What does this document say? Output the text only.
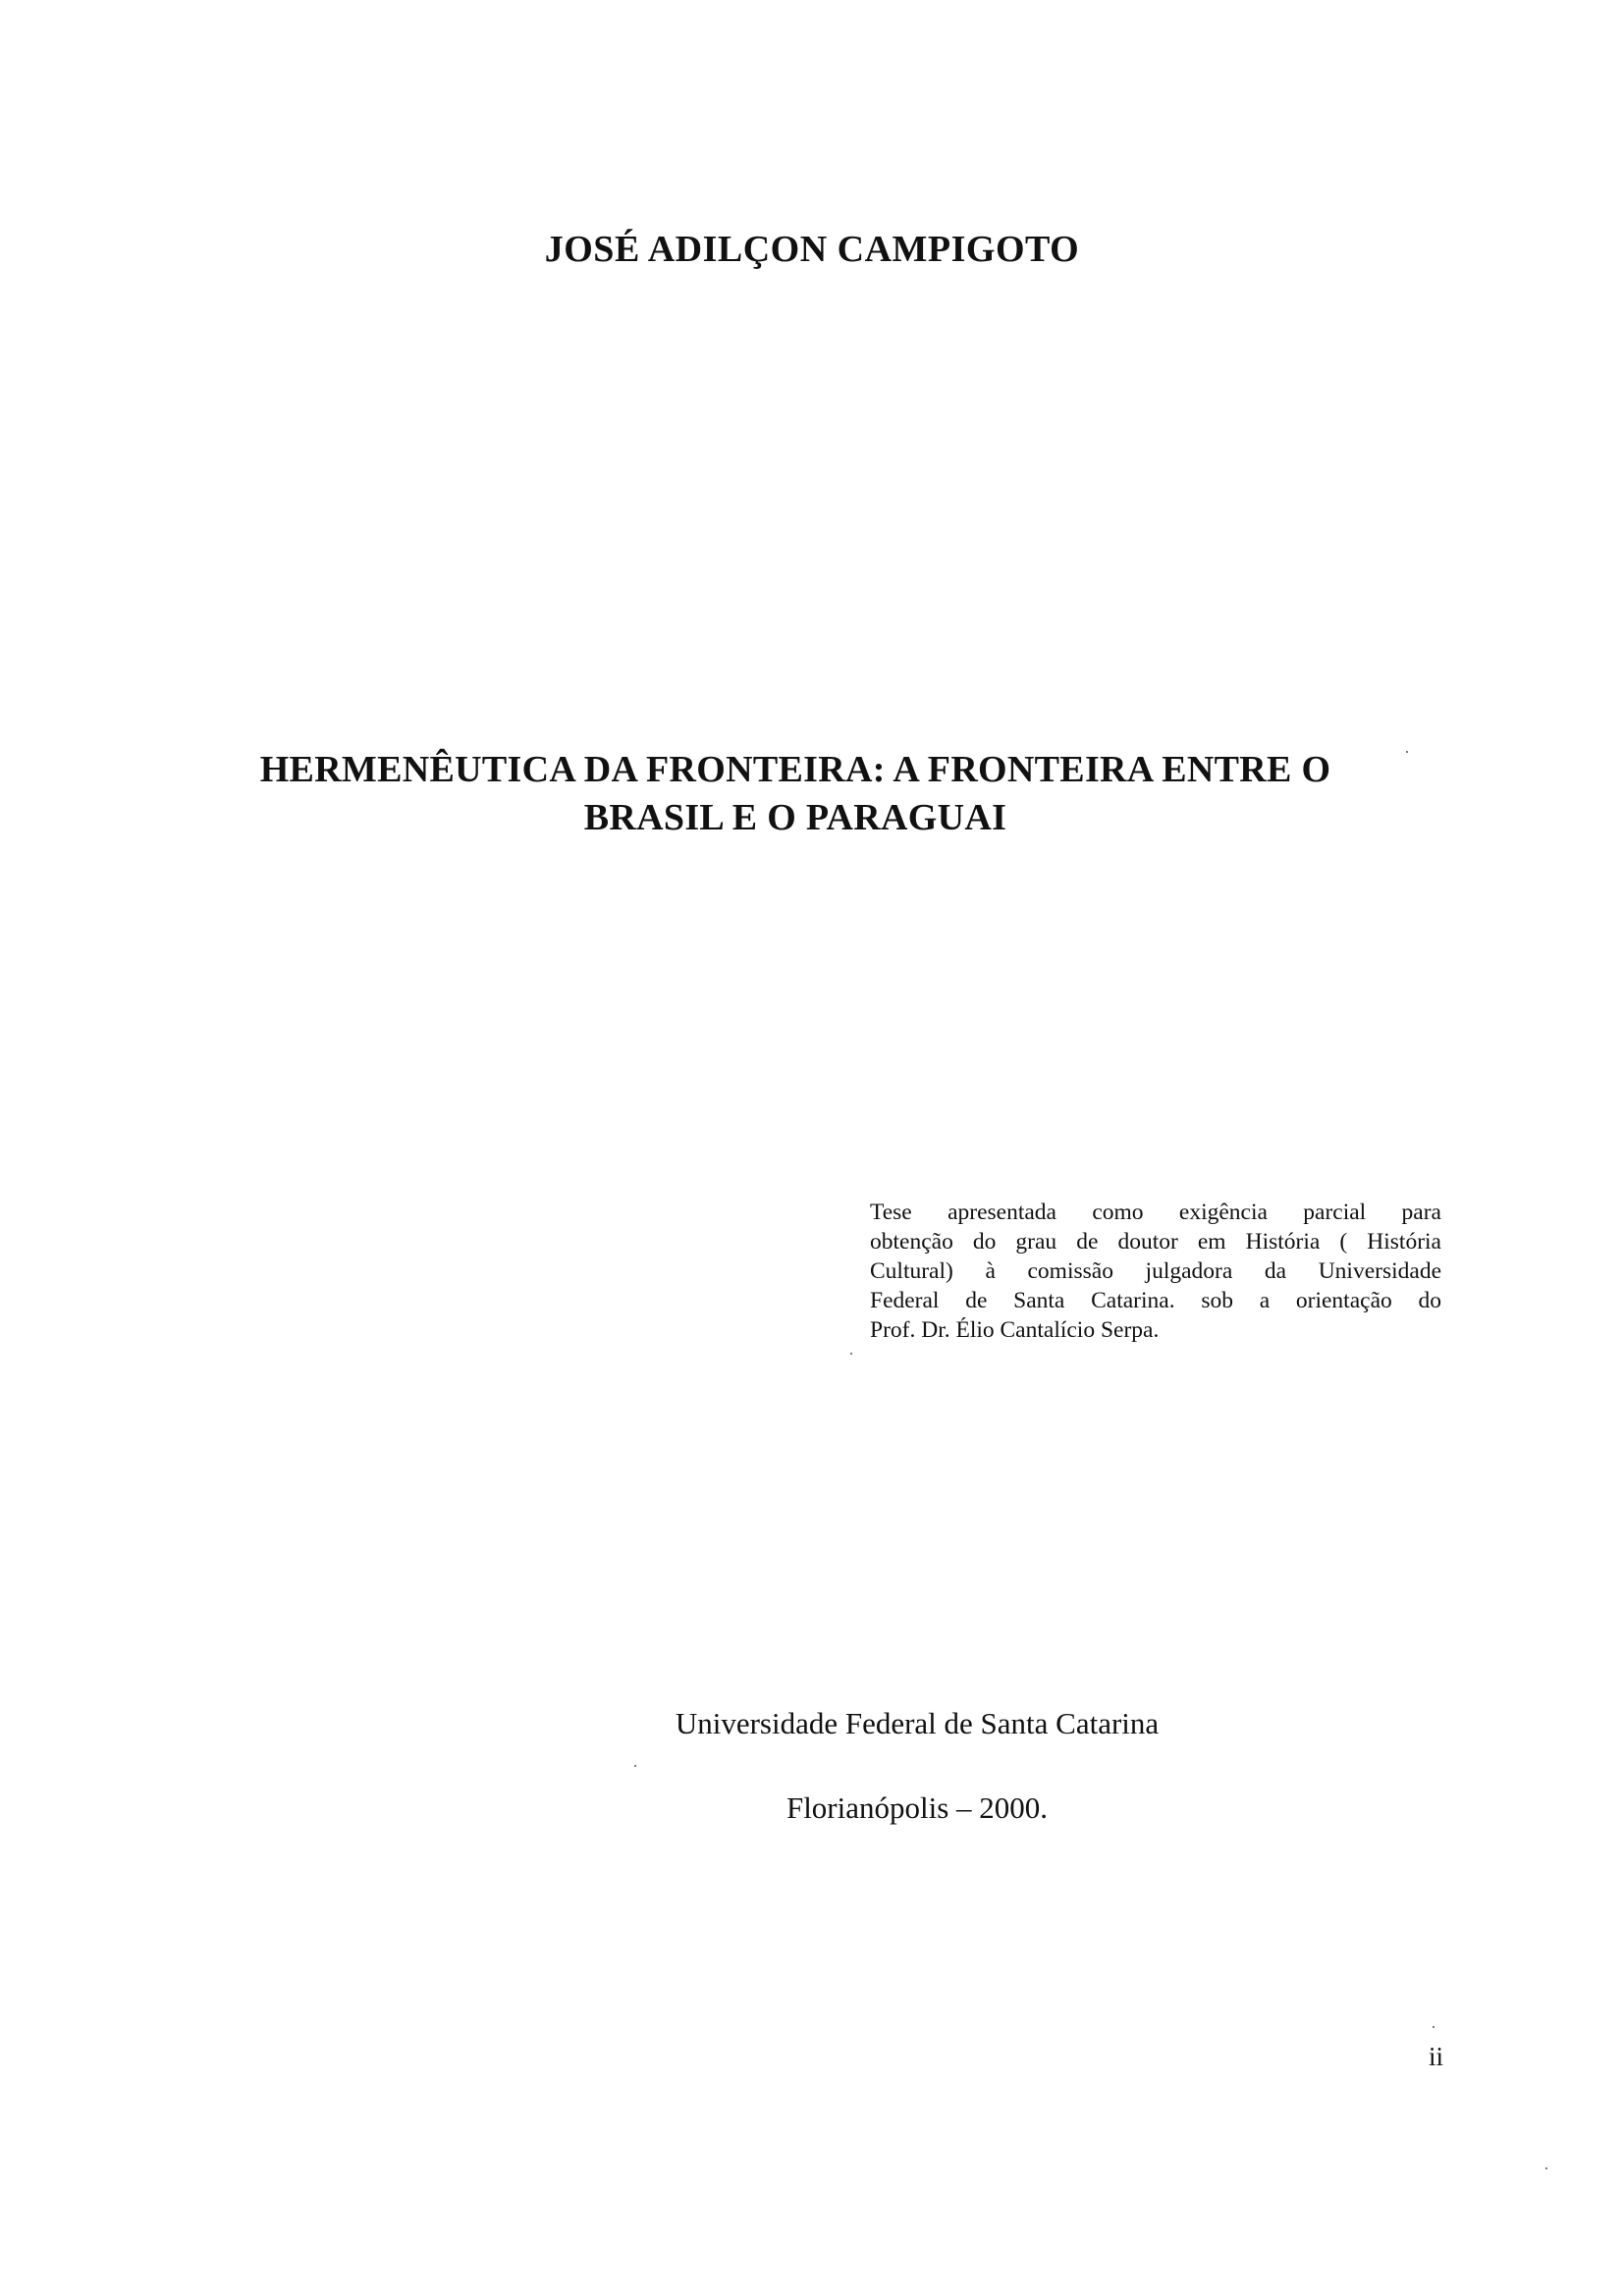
JOSÉ ADILÇON CAMPIGOTO
HERMENÊUTICA DA FRONTEIRA: A FRONTEIRA ENTRE O
BRASIL E O PARAGUAI
Tese apresentada como exigência parcial para
obtenção do grau de doutor em História ( História
Cultural) à comissão julgadora da Universidade
Federal de Santa Catarina. sob a orientação do
Prof. Dr. Élio Cantalício Serpa.
Universidade Federal de Santa Catarina
Florianópolis – 2000.
ii
